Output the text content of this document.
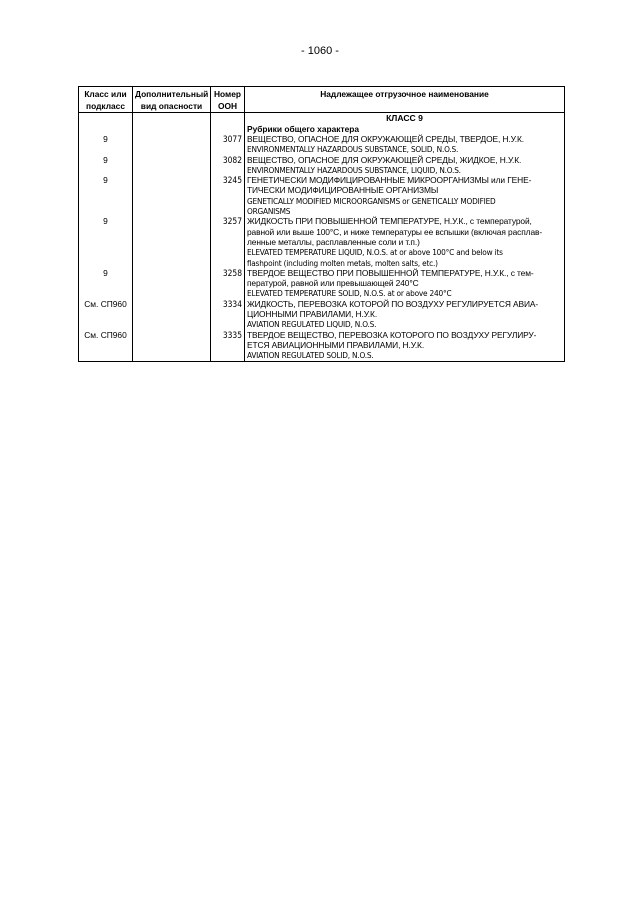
- 1060 -
Класс или подкласс	Дополнительный вид опасности	Номер ООН	Надлежащее отгрузочное наименование

			КЛАСС 9
Рубрики общего характера

9		3077	ВЕЩЕСТВО, ОПАСНОЕ ДЛЯ ОКРУЖАЮЩЕЙ СРЕДЫ, ТВЕРДОЕ, Н.У.К.
ENVIRONMENTALLY HAZARDOUS SUBSTANCE, SOLID, N.O.S.

9		3082	ВЕЩЕСТВО, ОПАСНОЕ ДЛЯ ОКРУЖАЮЩЕЙ СРЕДЫ, ЖИДКОЕ, Н.У.К.
ENVIRONMENTALLY HAZARDOUS SUBSTANCE, LIQUID, N.O.S.

9		3245	ГЕНЕТИЧЕСКИ МОДИФИЦИРОВАННЫЕ МИКРООРГАНИЗМЫ или ГЕНЕ-
ТИЧЕСКИ МОДИФИЦИРОВАННЫЕ ОРГАНИЗМЫ
GENETICALLY MODIFIED MICROORGANISMS or GENETICALLY MODIFIED
ORGANISMS

9		3257	ЖИДКОСТЬ ПРИ ПОВЫШЕННОЙ ТЕМПЕРАТУРЕ, Н.У.К., с температурой,
равной или выше 100°С, и ниже температуры ее вспышки (включая расплав-
ленные металлы, расплавленные соли и т.п.)
ELEVATED TEMPERATURE LIQUID, N.O.S. at or above 100°C and below its
flashpoint (including molten metals, molten salts, etc.)

9		3258	ТВЕРДОЕ ВЕЩЕСТВО ПРИ ПОВЫШЕННОЙ ТЕМПЕРАТУРЕ, Н.У.К., с тем-
пературой, равной или превышающей 240°С
ELEVATED TEMPERATURE SOLID, N.O.S. at or above 240°C

См. СП960		3334	ЖИДКОСТЬ, ПЕРЕВОЗКА КОТОРОЙ ПО ВОЗДУХУ РЕГУЛИРУЕТСЯ АВИА-
ЦИОННЫМИ ПРАВИЛАМИ, Н.У.К.
AVIATION REGULATED LIQUID, N.O.S.

См. СП960		3335	ТВЕРДОЕ ВЕЩЕСТВО, ПЕРЕВОЗКА КОТОРОГО ПО ВОЗДУХУ РЕГУЛИРУ-
ЕТСЯ АВИАЦИОННЫМИ ПРАВИЛАМИ, Н.У.К.
AVIATION REGULATED SOLID, N.O.S.
